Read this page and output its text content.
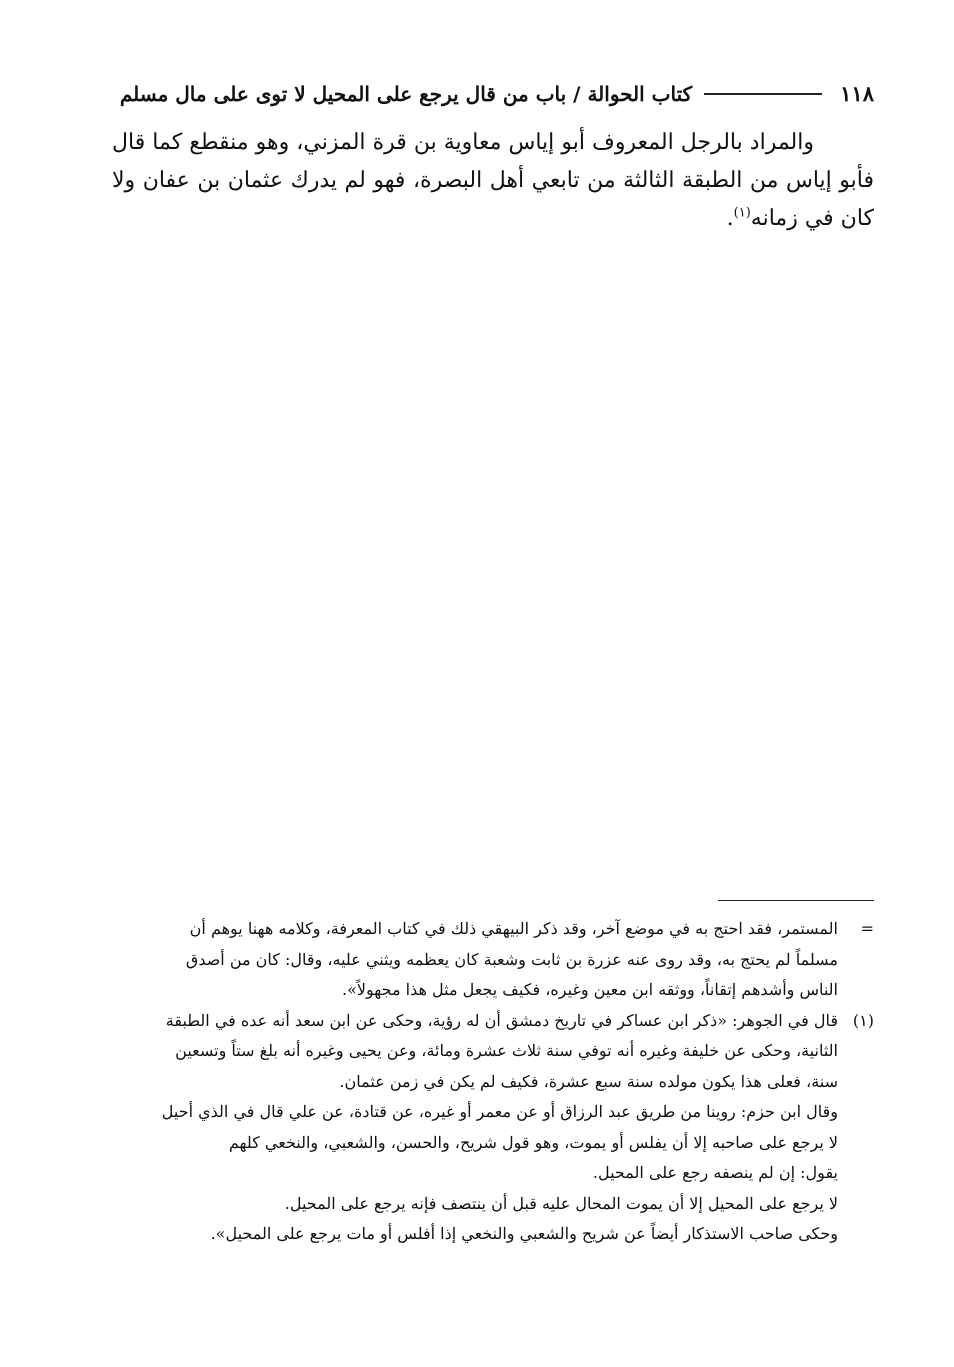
١١٨
كتاب الحوالة / باب من قال يرجع على المحيل لا توى على مال مسلم

والمراد بالرجل المعروف أبو إياس معاوية بن قرة المزني، وهو منقطع كما قال فأبو إياس من الطبقة الثالثة من تابعي أهل البصرة، فهو لم يدرك عثمان بن عفان ولا كان في زمانه$^{(١)}$.

=
المستمر، فقد احتج به في موضع آخر، وقد ذكر البيهقي ذلك في كتاب المعرفة، وكلامه ههنا يوهم أن
مسلماً لم يحتج به، وقد روى عنه عزرة بن ثابت وشعبة كان يعظمه ويثني عليه، وقال: كان من أصدق
الناس وأشدهم إتقاناً، ووثقه ابن معين وغيره، فكيف يجعل مثل هذا مجهولاً».
(١)
قال في الجوهر: «ذكر ابن عساكر في تاريخ دمشق أن له رؤية، وحكى عن ابن سعد أنه عده في الطبقة
الثانية، وحكى عن خليفة وغيره أنه توفي سنة ثلاث عشرة ومائة، وعن يحيى وغيره أنه بلغ ستاً وتسعين
سنة، فعلى هذا يكون مولده سنة سبع عشرة، فكيف لم يكن في زمن عثمان.
وقال ابن حزم: روينا من طريق عبد الرزاق أو عن معمر أو غيره، عن قتادة، عن علي قال في الذي أحيل
لا يرجع على صاحبه إلا أن يفلس أو يموت، وهو قول شريح، والحسن، والشعبي، والنخعي كلهم
يقول: إن لم ينصفه رجع على المحيل.
لا يرجع على المحيل إلا أن يموت المحال عليه قبل أن ينتصف فإنه يرجع على المحيل.
وحكى صاحب الاستذكار أيضاً عن شريح والشعبي والنخعي إذا أفلس أو مات يرجع على المحيل».
